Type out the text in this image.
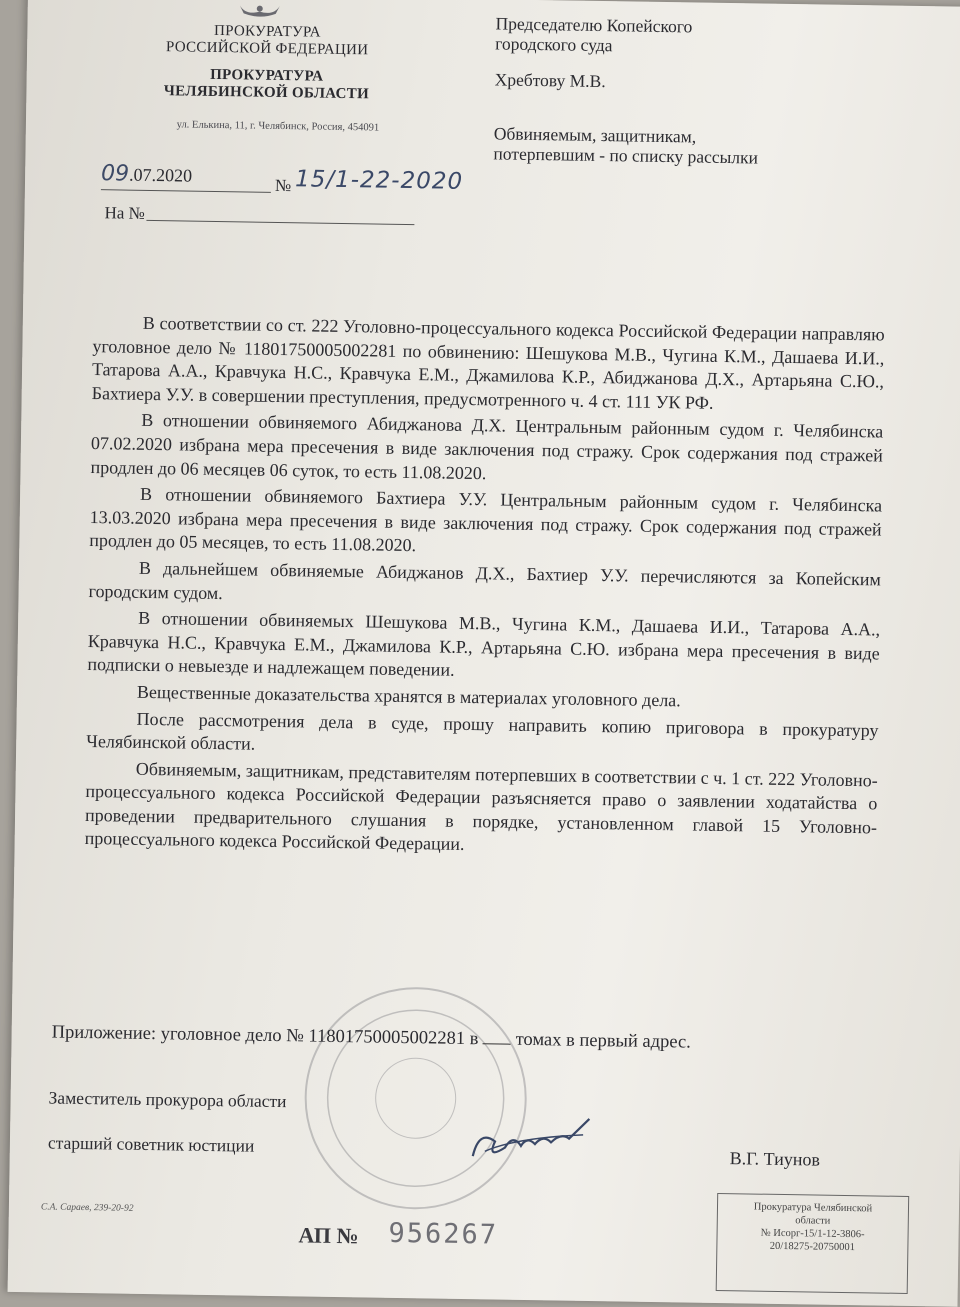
ПРОКУРАТУРА
РОССИЙСКОЙ ФЕДЕРАЦИИ
ПРОКУРАТУРА
ЧЕЛЯБИНСКОЙ ОБЛАСТИ
ул. Елькина, 11, г. Челябинск, Россия, 454091
09.07.2020	№ 15/1-22-2020
На №
Председателю Копейского
городского суда
Хребтову М.В.
Обвиняемым, защитникам,
потерпевшим - по списку рассылки

В соответствии со ст. 222 Уголовно-процессуального кодекса Российской Федерации направляю уголовное дело № 11801750005002281 по обвинению: Шешукова М.В., Чугина К.М., Дашаева И.И., Татарова А.А., Кравчука Н.С., Кравчука Е.М., Джамилова К.Р., Абиджанова Д.Х., Артарьяна С.Ю., Бахтиера У.У. в совершении преступления, предусмотренного ч. 4 ст. 111 УК РФ.

В отношении обвиняемого Абиджанова Д.Х. Центральным районным судом г. Челябинска 07.02.2020 избрана мера пресечения в виде заключения под стражу. Срок содержания под стражей продлен до 06 месяцев 06 суток, то есть 11.08.2020.

В отношении обвиняемого Бахтиера У.У. Центральным районным судом г. Челябинска 13.03.2020 избрана мера пресечения в виде заключения под стражу. Срок содержания под стражей продлен до 05 месяцев, то есть 11.08.2020.

В дальнейшем обвиняемые Абиджанов Д.Х., Бахтиер У.У. перечисляются за Копейским городским судом.

В отношении обвиняемых Шешукова М.В., Чугина К.М., Дашаева И.И., Татарова А.А., Кравчука Н.С., Кравчука Е.М., Джамилова К.Р., Артарьяна С.Ю. избрана мера пресечения в виде подписки о невыезде и надлежащем поведении.

Вещественные доказательства хранятся в материалах уголовного дела.

После рассмотрения дела в суде, прошу направить копию приговора в прокуратуру Челябинской области.

Обвиняемым, защитникам, представителям потерпевших в соответствии с ч. 1 ст. 222 Уголовно-процессуального кодекса Российской Федерации разъясняется право о заявлении ходатайства о проведении предварительного слушания в порядке, установленном главой 15 Уголовно-процессуального кодекса Российской Федерации.

Приложение: уголовное дело № 11801750005002281 в томах в первый адрес.
Заместитель прокурора области
старший советник юстиции
В.Г. Тиунов
С.А. Сараев, 239-20-92
АП № 956267
Прокуратура Челябинской
области
№ Исорг-15/1-12-3806-
20/18275-20750001
